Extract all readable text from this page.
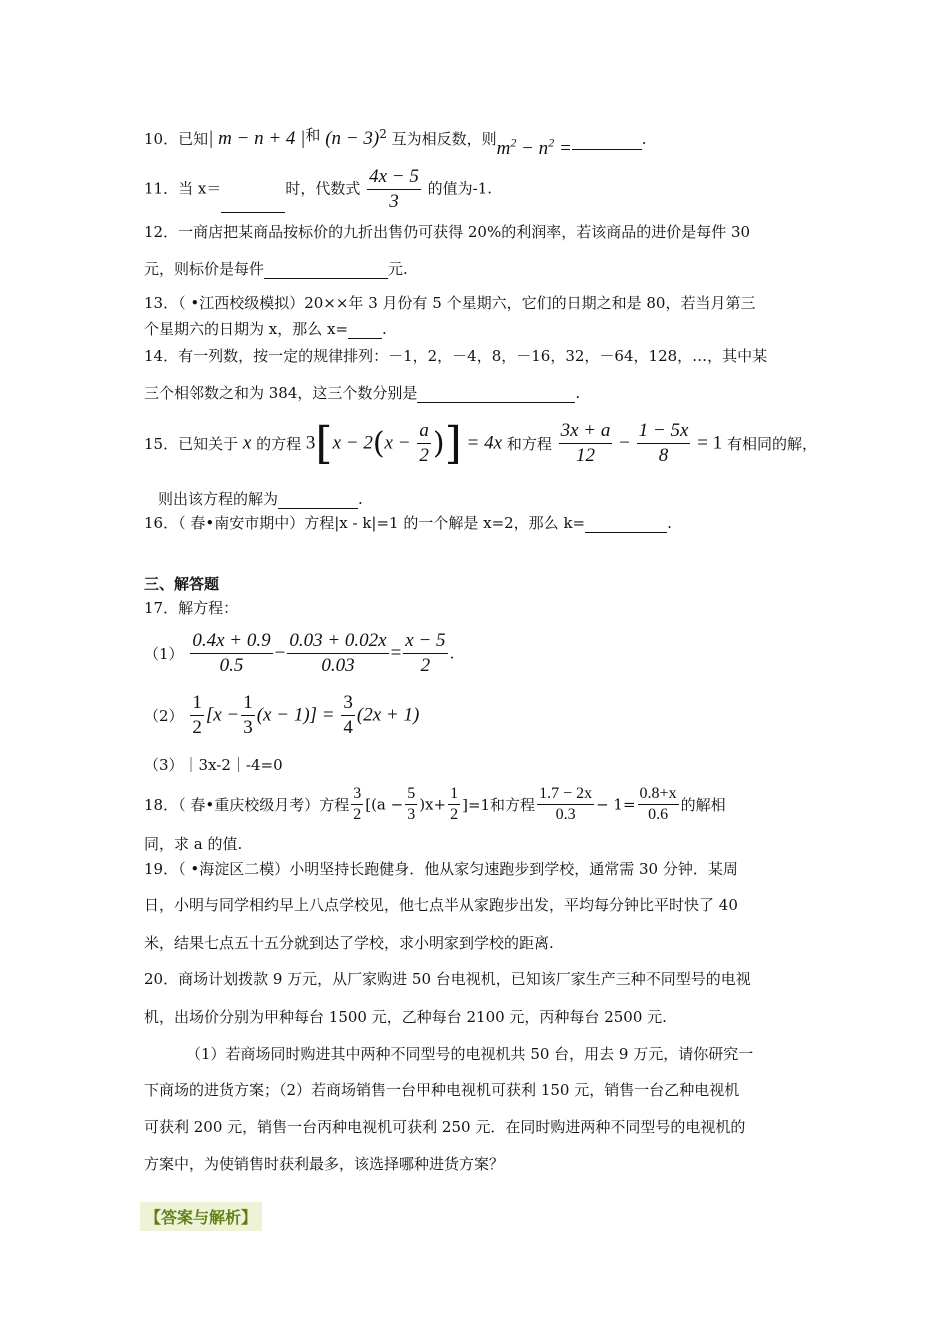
10．已知| m − n + 4 |和 $(n - 3)^2$ 互为相反数，则$m^2 - n^2$ =	.
11．当 x＝	时，代数式 $\frac{4x - 5}{3}$ 的值为-1.
12．一商店把某商品按标价的九折出售仍可获得 20%的利润率，若该商品的进价是每件 30
元，则标价是每件	元.
13．（ •江西校级模拟）20××年 3 月份有 5 个星期六，它们的日期之和是 80，若当月第三
个星期六的日期为 x，那么 x= .
14．有一列数，按一定的规律排列：－1，2，－4，8，－16，32，－64，128，…，其中某
三个相邻数之和为 384，这三个数分别是	.
15．已知关于 x 的方程 $3[x - 2(x - \frac{a}{2}$ )] = 4x 和方程 $\frac{3x + a}{12} - \frac{1 - 5x}{8} = 1$ 有相同的解，
则出该方程的解为	.
16．（ 春•南安市期中）方程|x - k|=1 的一个解是 x=2，那么 k=	.
三、解答题
17．解方程：
$(1) \frac{0.4x + 0.9}{0.5} - \frac{0.03 + 0.02x}{0.03} = \frac{x - 5}{2}$ .
$(2) \frac{1}{2} [x - \frac{1}{3} (x - 1)] = \frac{3}{4} (2x + 1)$
（3）｜3x-2｜-4=0
18．（ 春•重庆校级月考）方程 $\frac{3}{2} [(a - \frac{5}{3} )x+ \frac{1}{2} ]=1$和方程 $\frac{1.7 - 2x}{0.3} - 1= \frac{0.8+x}{0.6}$ 的解相
同，求 a 的值.
19．（ •海淀区二模）小明坚持长跑健身．他从家匀速跑步到学校，通常需 30 分钟．某周
日，小明与同学相约早上八点学校见，他七点半从家跑步出发，平均每分钟比平时快了 40
米，结果七点五十五分就到达了学校，求小明家到学校的距离.
20．商场计划拨款 9 万元，从厂家购进 50 台电视机，已知该厂家生产三种不同型号的电视
机，出场价分别为甲种每台 1500 元，乙种每台 2100 元，丙种每台 2500 元.
（1）若商场同时购进其中两种不同型号的电视机共 50 台，用去 9 万元，请你研究一
下商场的进货方案；（2）若商场销售一台甲种电视机可获利 150 元，销售一台乙种电视机
可获利 200 元，销售一台丙种电视机可获利 250 元．在同时购进两种不同型号的电视机的
方案中，为使销售时获利最多，该选择哪种进货方案？
【答案与解析】
